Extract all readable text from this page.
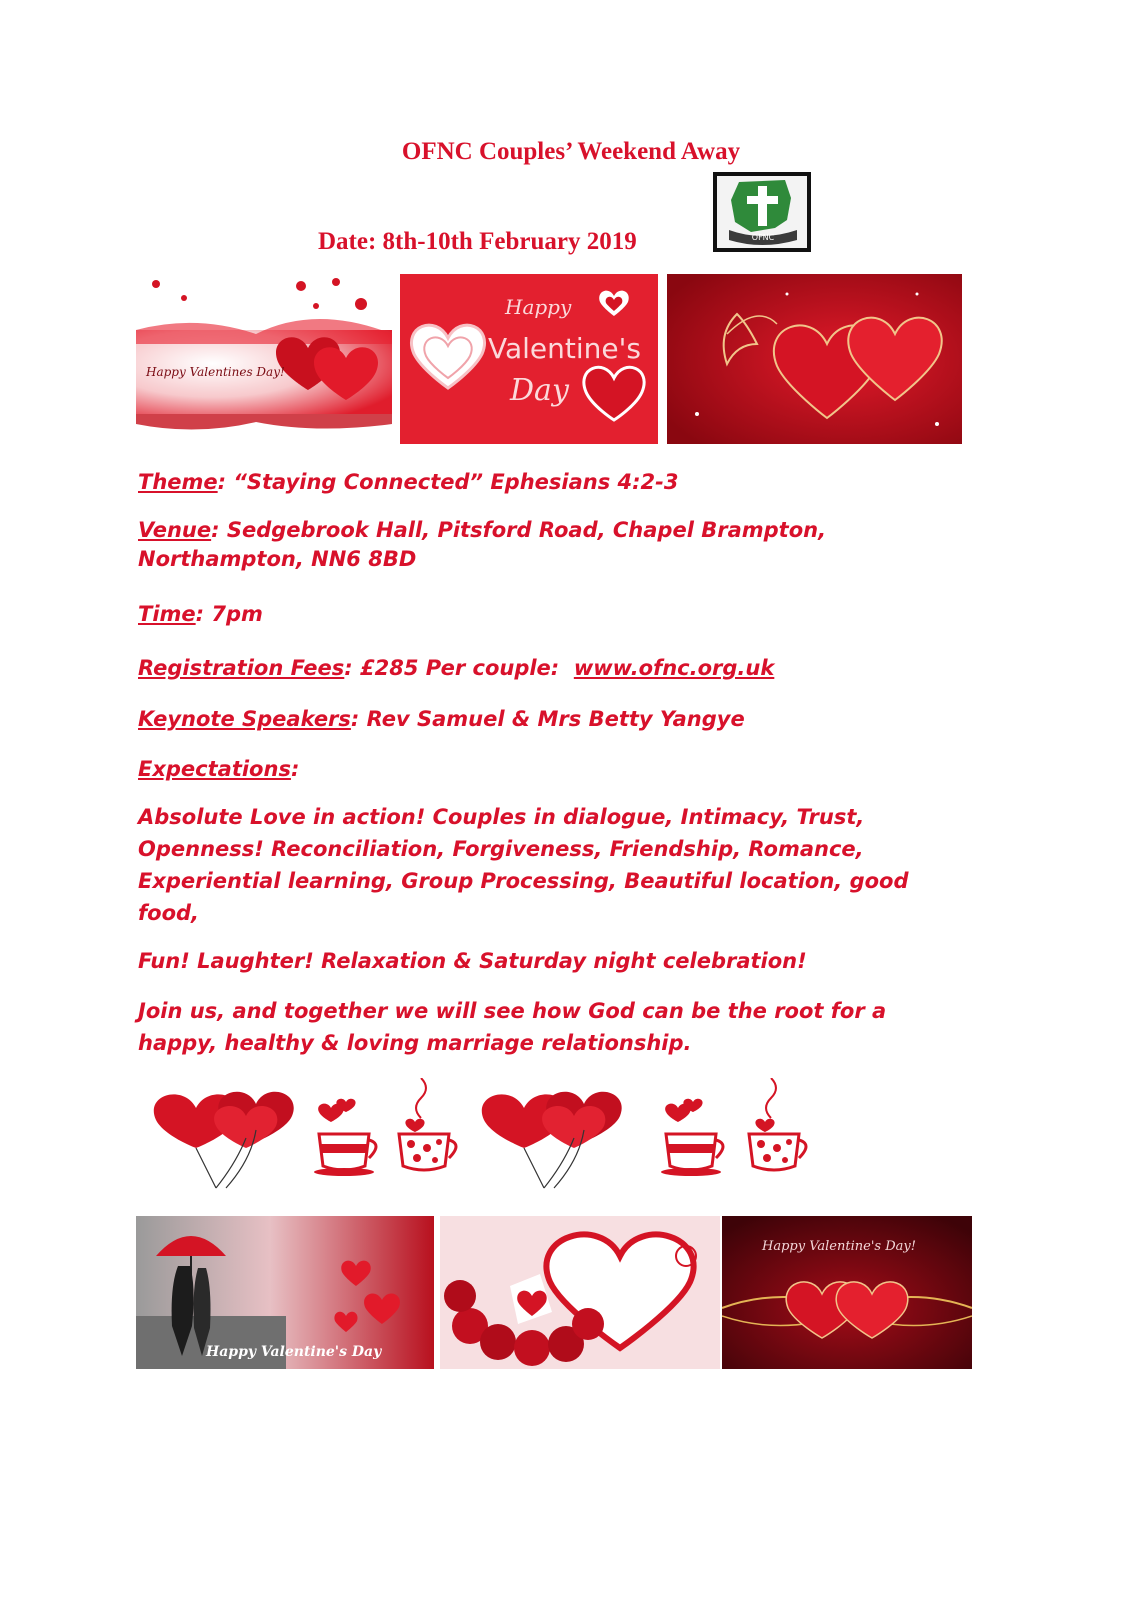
OFNC Couples’ Weekend Away
Date: 8th-10th February 2019	OFNC
Happy Valentines Day!
Happy
Valentine's
Day

Theme: “Staying Connected” Ephesians 4:2-3

Venue: Sedgebrook Hall, Pitsford Road, Chapel Brampton, Northampton, NN6 8BD

Time: 7pm

Registration Fees: £285 Per couple:  www.ofnc.org.uk

Keynote Speakers: Rev Samuel & Mrs Betty Yangye

Expectations:

Absolute Love in action! Couples in dialogue, Intimacy, Trust, Openness! Reconciliation, Forgiveness, Friendship, Romance, Experiential learning, Group Processing, Beautiful location, good food,

Fun! Laughter! Relaxation & Saturday night celebration!

Join us, and together we will see how God can be the root for a happy, healthy & loving marriage relationship.

Happy Valentine's Day
Happy Valentine's Day!
